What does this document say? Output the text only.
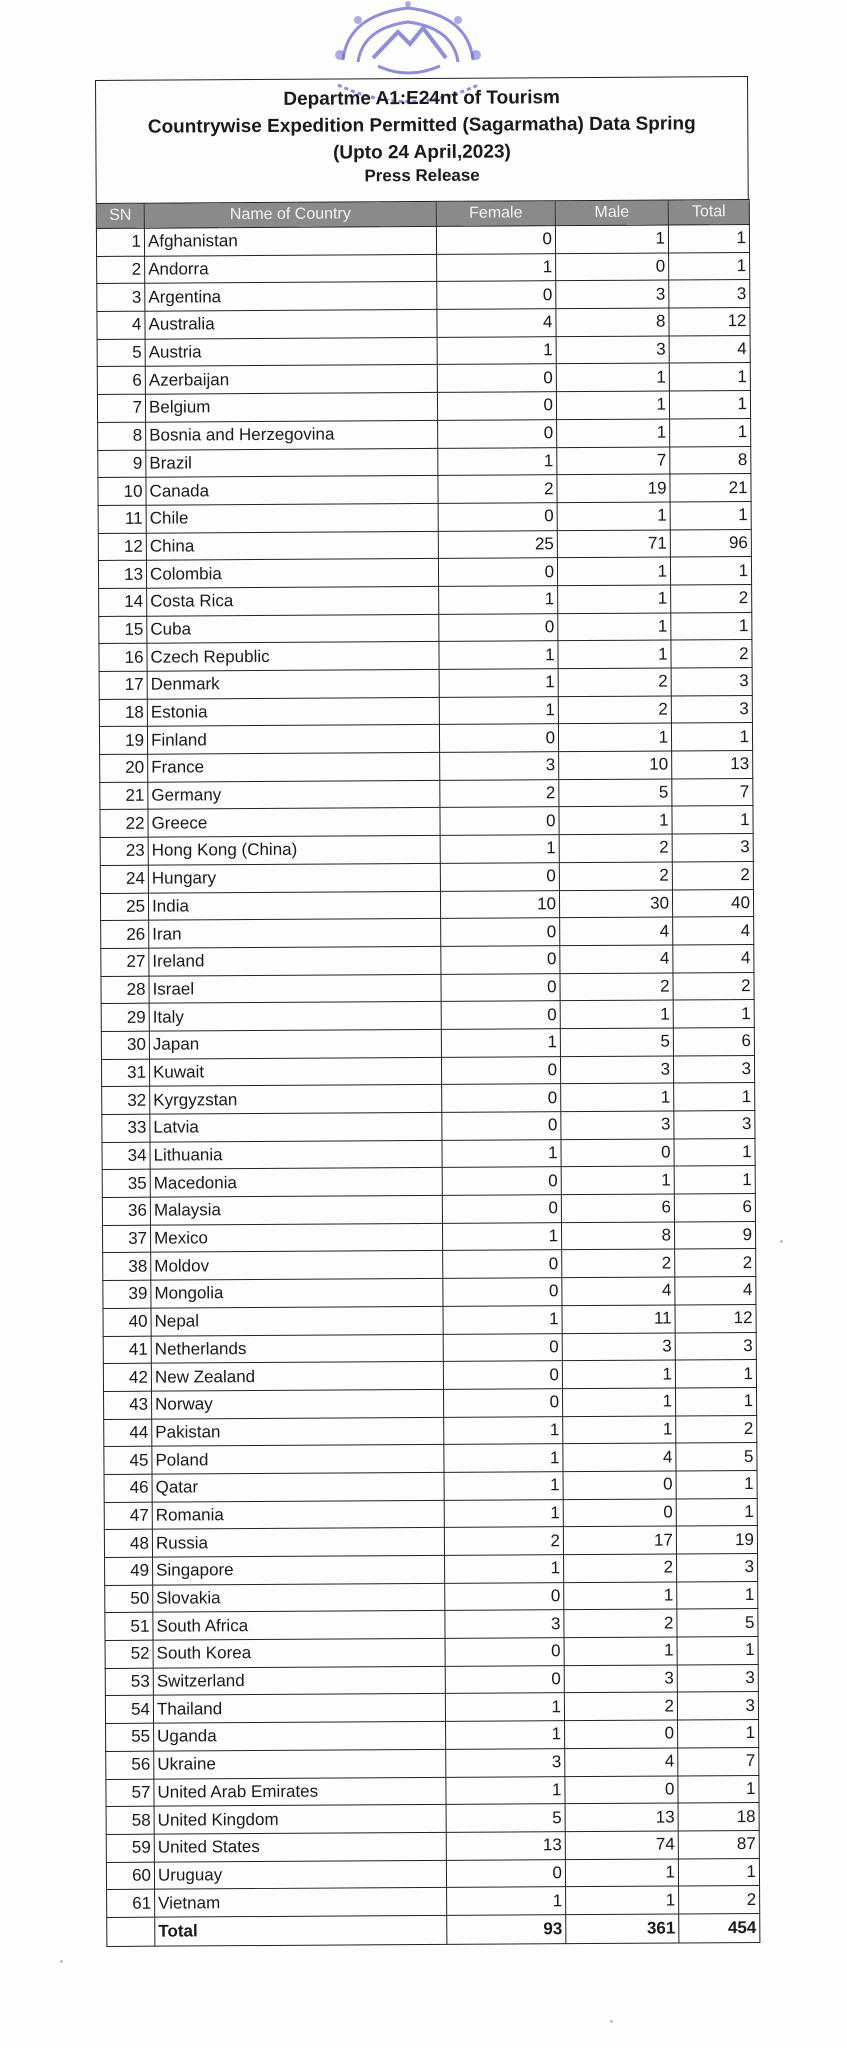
Departme A1:E24nt of Tourism
Countrywise Expedition Permitted (Sagarmatha) Data Spring
(Upto 24 April,2023)
Press Release
SN	Name of Country	Female	Male	Total
1	Afghanistan	0	1	1
2	Andorra	1	0	1
3	Argentina	0	3	3
4	Australia	4	8	12
5	Austria	1	3	4
6	Azerbaijan	0	1	1
7	Belgium	0	1	1
8	Bosnia and Herzegovina	0	1	1
9	Brazil	1	7	8
10	Canada	2	19	21
11	Chile	0	1	1
12	China	25	71	96
13	Colombia	0	1	1
14	Costa Rica	1	1	2
15	Cuba	0	1	1
16	Czech Republic	1	1	2
17	Denmark	1	2	3
18	Estonia	1	2	3
19	Finland	0	1	1
20	France	3	10	13
21	Germany	2	5	7
22	Greece	0	1	1
23	Hong Kong (China)	1	2	3
24	Hungary	0	2	2
25	India	10	30	40
26	Iran	0	4	4
27	Ireland	0	4	4
28	Israel	0	2	2
29	Italy	0	1	1
30	Japan	1	5	6
31	Kuwait	0	3	3
32	Kyrgyzstan	0	1	1
33	Latvia	0	3	3
34	Lithuania	1	0	1
35	Macedonia	0	1	1
36	Malaysia	0	6	6
37	Mexico	1	8	9
38	Moldov	0	2	2
39	Mongolia	0	4	4
40	Nepal	1	11	12
41	Netherlands	0	3	3
42	New Zealand	0	1	1
43	Norway	0	1	1
44	Pakistan	1	1	2
45	Poland	1	4	5
46	Qatar	1	0	1
47	Romania	1	0	1
48	Russia	2	17	19
49	Singapore	1	2	3
50	Slovakia	0	1	1
51	South Africa	3	2	5
52	South Korea	0	1	1
53	Switzerland	0	3	3
54	Thailand	1	2	3
55	Uganda	1	0	1
56	Ukraine	3	4	7
57	United Arab Emirates	1	0	1
58	United Kingdom	5	13	18
59	United States	13	74	87
60	Uruguay	0	1	1
61	Vietnam	1	1	2
	Total	93	361	454
